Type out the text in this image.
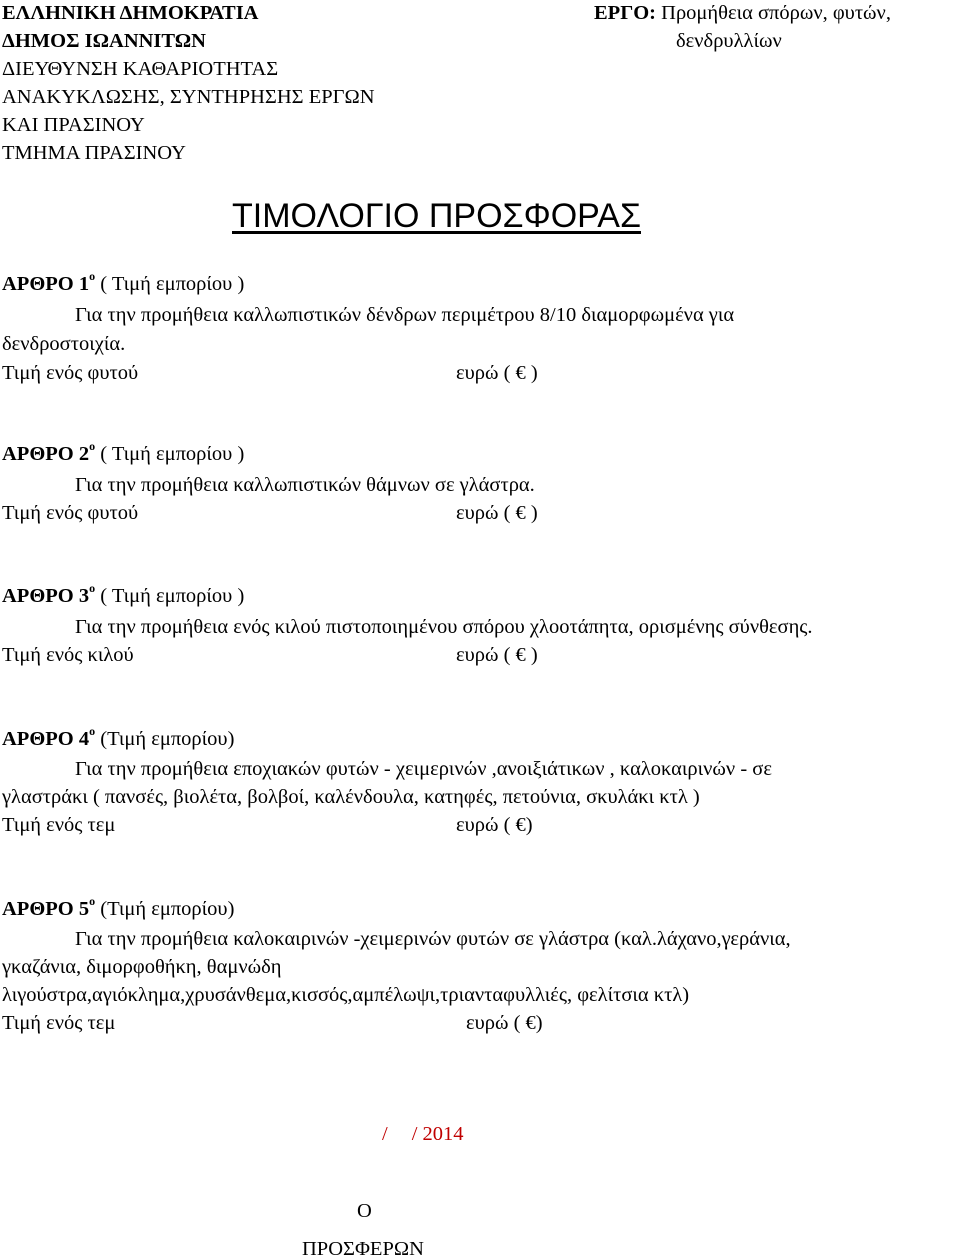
ΕΛΛΗΝΙΚΗ ΔΗΜΟΚΡΑΤΙΑ
ΔΗΜΟΣ ΙΩΑΝΝΙΤΩΝ
ΔΙΕΥΘΥΝΣΗ ΚΑΘΑΡΙΟΤΗΤΑΣ
ΑΝΑΚΥΚΛΩΣΗΣ, ΣΥΝΤΗΡΗΣΗΣ ΕΡΓΩΝ
ΚΑΙ ΠΡΑΣΙΝΟΥ
ΤΜΗΜΑ ΠΡΑΣΙΝΟΥ
ΕΡΓΟ: Προμήθεια σπόρων, φυτών,
δενδρυλλίων
ΤΙΜΟΛΟΓΙΟ ΠΡΟΣΦΟΡΑΣ
ΑΡΘΡΟ $1^o$ ( Τιμή εμπορίου )
Για την προμήθεια καλλωπιστικών δένδρων περιμέτρου 8/10 διαμορφωμένα για
δενδροστοιχία.
Τιμή ενός φυτού	ευρώ ( € )
ΑΡΘΡΟ $2^o$ ( Τιμή εμπορίου )
Για την προμήθεια καλλωπιστικών θάμνων σε γλάστρα.
Τιμή ενός φυτού	ευρώ ( € )
ΑΡΘΡΟ $3^o$ ( Τιμή εμπορίου )
Για την προμήθεια ενός κιλού πιστοποιημένου σπόρου χλοοτάπητα, ορισμένης σύνθεσης.
Τιμή ενός κιλού	ευρώ ( € )
ΑΡΘΡΟ $4^o$ (Τιμή εμπορίου)
Για την προμήθεια εποχιακών φυτών - χειμερινών ,ανοιξιάτικων , καλοκαιρινών - σε
γλαστράκι ( πανσές, βιολέτα, βολβοί, καλένδουλα, κατηφές, πετούνια, σκυλάκι κτλ )
Τιμή ενός τεμ	ευρώ ( €)
ΑΡΘΡΟ $5^o$ (Τιμή εμπορίου)
Για την προμήθεια καλοκαιρινών -χειμερινών φυτών σε γλάστρα (καλ.λάχανο,γεράνια,
γκαζάνια, διμορφοθήκη, θαμνώδη
λιγούστρα,αγιόκλημα,χρυσάνθεμα,κισσός,αμπέλωψι,τριανταφυλλιές, φελίτσια κτλ)
Τιμή ενός τεμ	ευρώ ( €)
/ / 2014
Ο
ΠΡΟΣΦΕΡΩΝ
